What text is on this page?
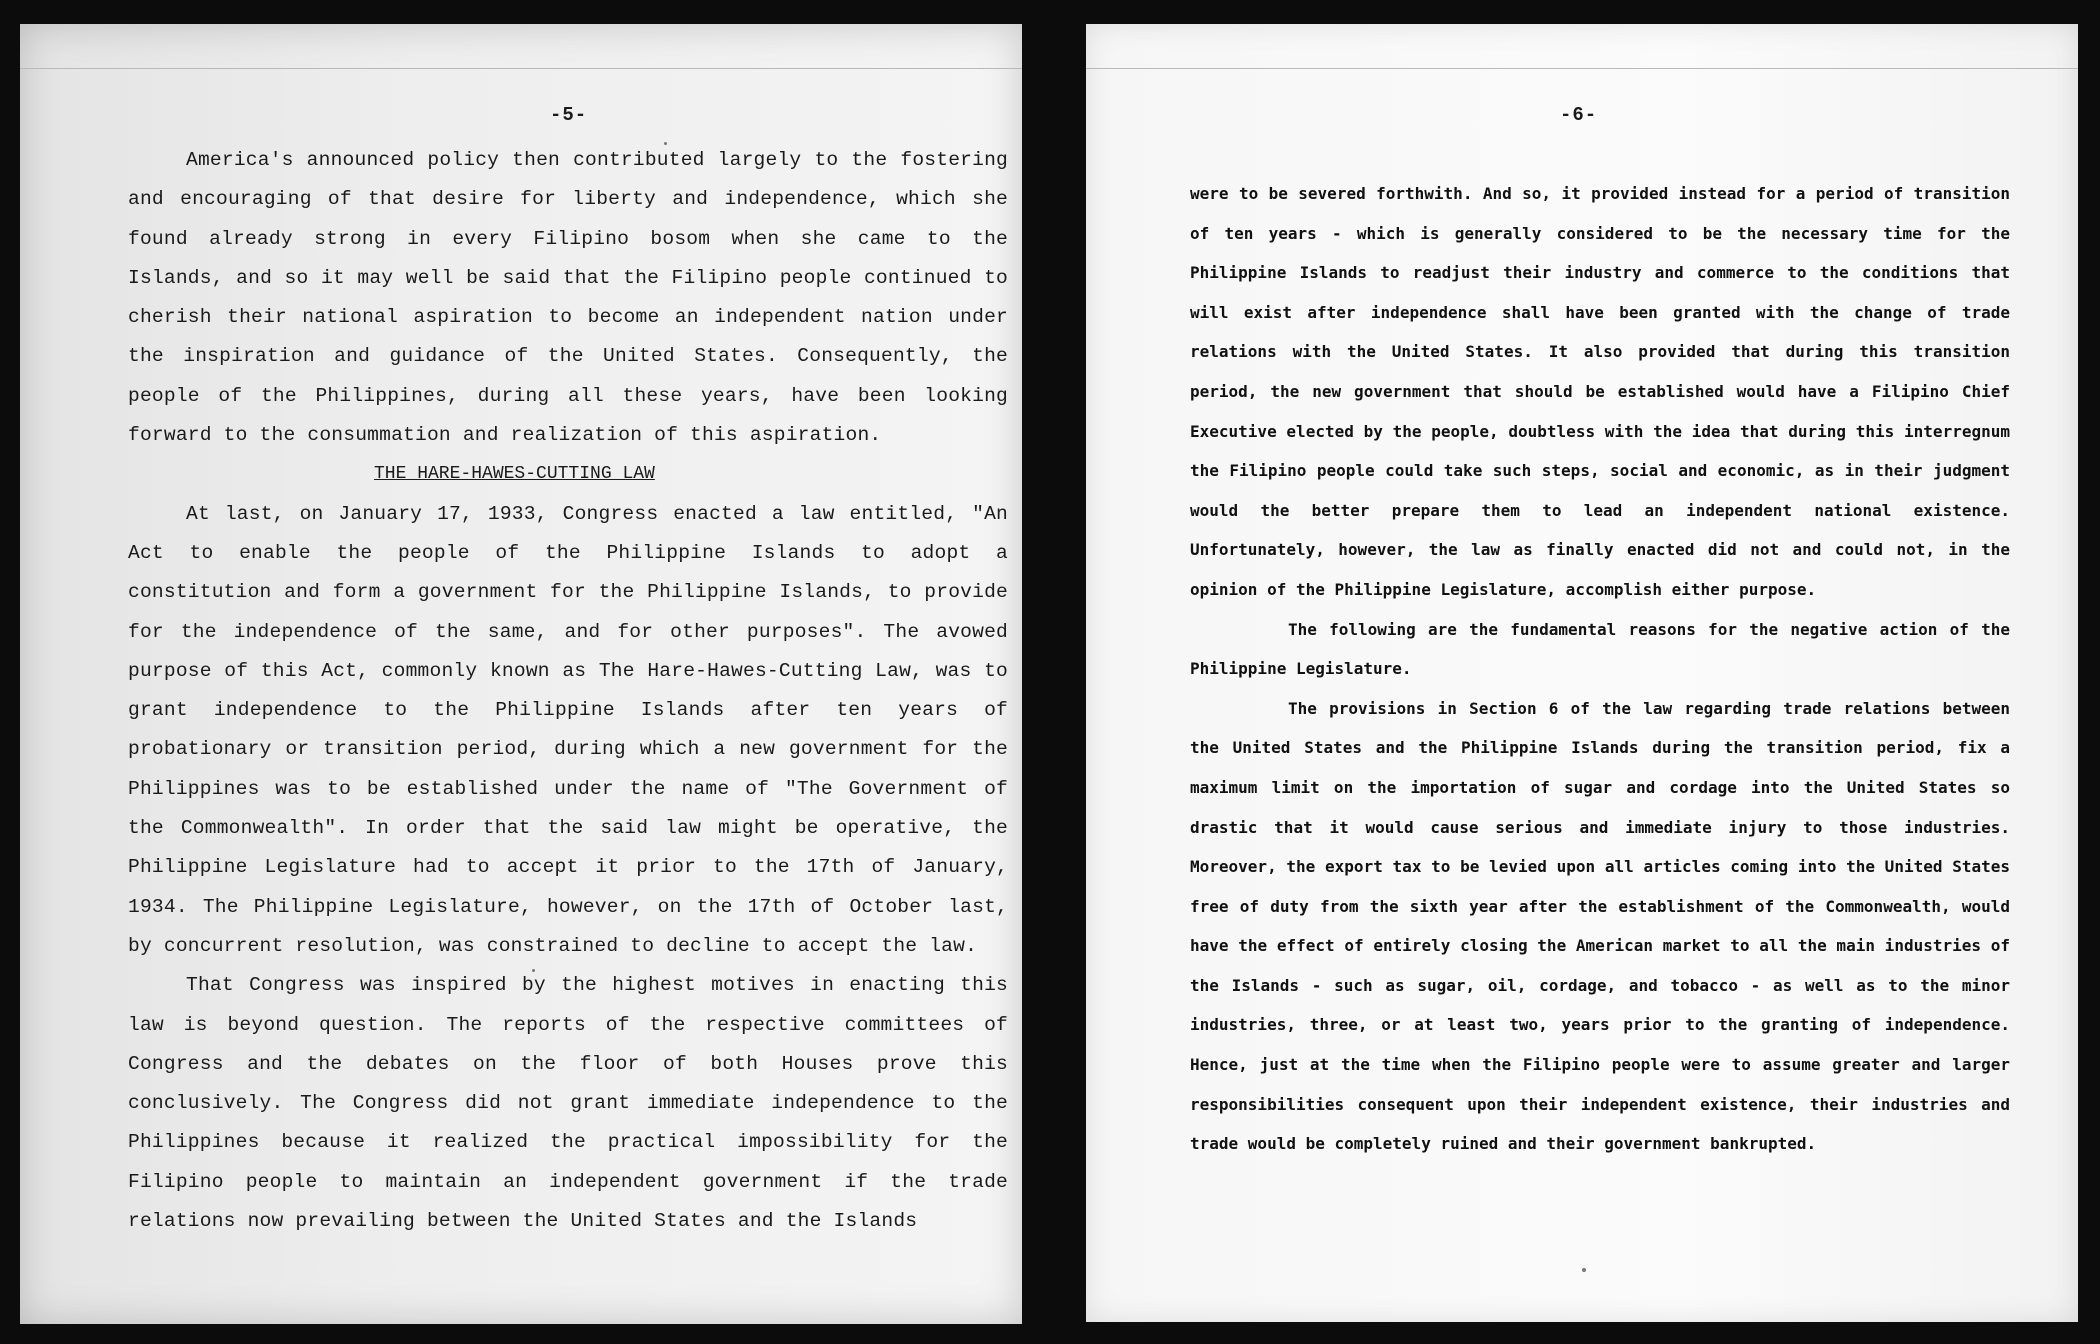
-5-

America's announced policy then contributed largely to the fostering and encouraging of that desire for liberty and independence, which she found already strong in every Filipino bosom when she came to the Islands, and so it may well be said that the Filipino people continued to cherish their national aspiration to become an independent nation under the inspiration and guidance of the United States. Consequently, the people of the Philippines, during all these years, have been looking forward to the consummation and realization of this aspiration.

THE HARE-HAWES-CUTTING LAW

At last, on January 17, 1933, Congress enacted a law entitled, "An Act to enable the people of the Philippine Islands to adopt a constitution and form a government for the Philippine Islands, to provide for the independence of the same, and for other purposes". The avowed purpose of this Act, commonly known as The Hare-Hawes-Cutting Law, was to grant independence to the Philippine Islands after ten years of probationary or transition period, during which a new government for the Philippines was to be established under the name of "The Government of the Commonwealth". In order that the said law might be operative, the Philippine Legislature had to accept it prior to the 17th of January, 1934. The Philippine Legislature, however, on the 17th of October last, by concurrent resolution, was constrained to decline to accept the law.

That Congress was inspired by the highest motives in enacting this law is beyond question. The reports of the respective committees of Congress and the debates on the floor of both Houses prove this conclusively. The Congress did not grant immediate independence to the Philippines because it realized the practical impossibility for the Filipino people to maintain an independent government if the trade relations now prevailing between the United States and the Islands

-6-

were to be severed forthwith. And so, it provided instead for a period of transition of ten years - which is generally considered to be the necessary time for the Philippine Islands to readjust their industry and commerce to the conditions that will exist after independence shall have been granted with the change of trade relations with the United States. It also provided that during this transition period, the new government that should be established would have a Filipino Chief Executive elected by the people, doubtless with the idea that during this interregnum the Filipino people could take such steps, social and economic, as in their judgment would the better prepare them to lead an independent national existence. Unfortunately, however, the law as finally enacted did not and could not, in the opinion of the Philippine Legislature, accomplish either purpose.

The following are the fundamental reasons for the negative action of the Philippine Legislature.

The provisions in Section 6 of the law regarding trade relations between the United States and the Philippine Islands during the transition period, fix a maximum limit on the importation of sugar and cordage into the United States so drastic that it would cause serious and immediate injury to those industries. Moreover, the export tax to be levied upon all articles coming into the United States free of duty from the sixth year after the establishment of the Commonwealth, would have the effect of entirely closing the American market to all the main industries of the Islands - such as sugar, oil, cordage, and tobacco - as well as to the minor industries, three, or at least two, years prior to the granting of independence. Hence, just at the time when the Filipino people were to assume greater and larger responsibilities consequent upon their independent existence, their industries and trade would be completely ruined and their government bankrupted.
